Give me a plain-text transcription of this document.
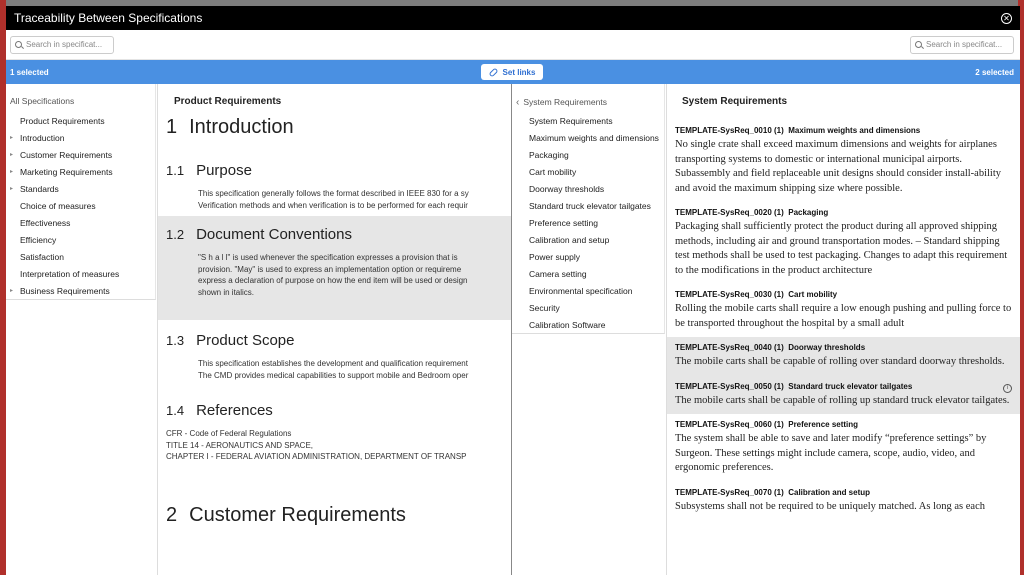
Traceability Between Specifications	✕
Search in specificat...	Search in specificat...
1 selected	Set links	2 selected
All Specifications
Product Requirements
▸ Introduction
▸ Customer Requirements
▸ Marketing Requirements
▸ Standards
Choice of measures
Effectiveness
Efficiency
Satisfaction
Interpretation of measures
▸ Business Requirements
Product Requirements
1 Introduction
1.1 Purpose
This specification generally follows the format described in IEEE 830 for a sy
Verification methods and when verification is to be performed for each requir
1.2 Document Conventions
"S h a l l" is used whenever the specification expresses a provision that is
provision. "May" is used to express an implementation option or requireme
express a declaration of purpose on how the end item will be used or design
shown in italics.
1.3 Product Scope
This specification establishes the development and qualification requirement
The CMD provides medical capabilities to support mobile and Bedroom oper
1.4 References
CFR - Code of Federal Regulations
TITLE 14 - AERONAUTICS AND SPACE,
CHAPTER I - FEDERAL AVIATION ADMINISTRATION, DEPARTMENT OF TRANSP
2 Customer Requirements
‹ System Requirements
System Requirements
Maximum weights and dimensions
Packaging
Cart mobility
Doorway thresholds
Standard truck elevator tailgates
Preference setting
Calibration and setup
Power supply
Camera setting
Environmental specification
Security
Calibration Software
System Requirements
TEMPLATE-SysReq_0010 (1) Maximum weights and dimensions
No single crate shall exceed maximum dimensions and weights for airplanes transporting systems to domestic or international municipal airports. Subassembly and field replaceable unit designs should consider install-ability and avoid the maximum shipping size where possible.
TEMPLATE-SysReq_0020 (1) Packaging
Packaging shall sufficiently protect the product during all approved shipping methods, including air and ground transportation modes. – Standard shipping test methods shall be used to test packaging. Changes to adapt this requirement to the modifications in the product architecture
TEMPLATE-SysReq_0030 (1) Cart mobility
Rolling the mobile carts shall require a low enough pushing and pulling force to be transported throughout the hospital by a small adult
TEMPLATE-SysReq_0040 (1) Doorway thresholds
The mobile carts shall be capable of rolling over standard doorway thresholds.
TEMPLATE-SysReq_0050 (1) Standard truck elevator tailgates
The mobile carts shall be capable of rolling up standard truck elevator tailgates.
i
TEMPLATE-SysReq_0060 (1) Preference setting
The system shall be able to save and later modify “preference settings” by Surgeon. These settings might include camera, scope, audio, video, and ergonomic preferences.
TEMPLATE-SysReq_0070 (1) Calibration and setup
Subsystems shall not be required to be uniquely matched. As long as each
